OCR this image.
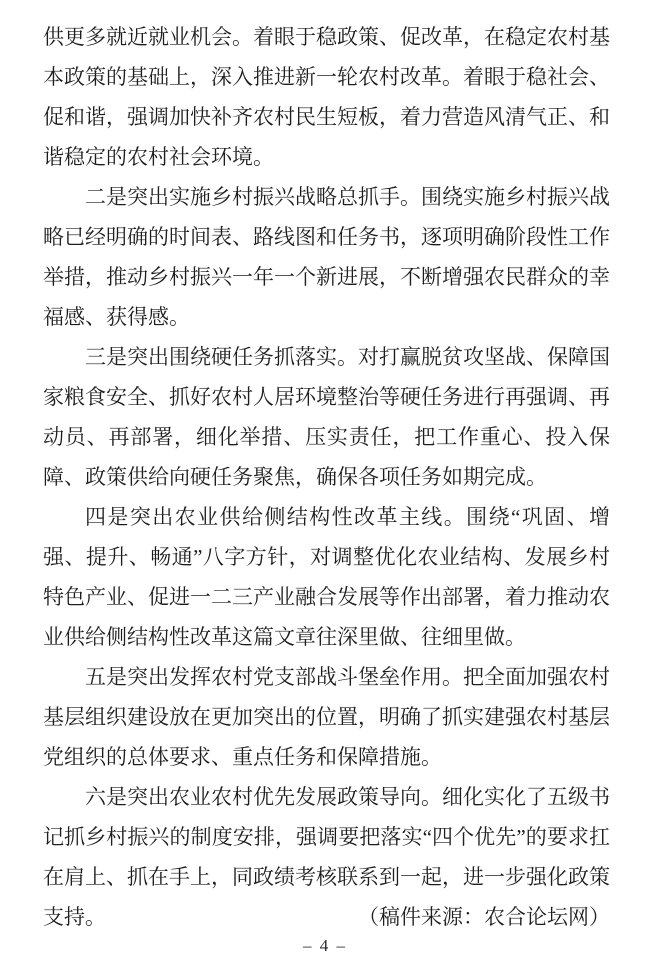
供更多就近就业机会。着眼于稳政策、促改革，在稳定农村基本政策的基础上，深入推进新一轮农村改革。着眼于稳社会、促和谐，强调加快补齐农村民生短板，着力营造风清气正、和谐稳定的农村社会环境。

二是突出实施乡村振兴战略总抓手。围绕实施乡村振兴战略已经明确的时间表、路线图和任务书，逐项明确阶段性工作举措，推动乡村振兴一年一个新进展，不断增强农民群众的幸福感、获得感。

三是突出围绕硬任务抓落实。对打赢脱贫攻坚战、保障国家粮食安全、抓好农村人居环境整治等硬任务进行再强调、再动员、再部署，细化举措、压实责任，把工作重心、投入保障、政策供给向硬任务聚焦，确保各项任务如期完成。

四是突出农业供给侧结构性改革主线。围绕“巩固、增强、提升、畅通”八字方针，对调整优化农业结构、发展乡村特色产业、促进一二三产业融合发展等作出部署，着力推动农业供给侧结构性改革这篇文章往深里做、往细里做。

五是突出发挥农村党支部战斗堡垒作用。把全面加强农村基层组织建设放在更加突出的位置，明确了抓实建强农村基层党组织的总体要求、重点任务和保障措施。

六是突出农业农村优先发展政策导向。细化实化了五级书记抓乡村振兴的制度安排，强调要把落实“四个优先”的要求扛在肩上、抓在手上，同政绩考核联系到一起，进一步强化政策支持。	（稿件来源：农合论坛网）

– 4 –
